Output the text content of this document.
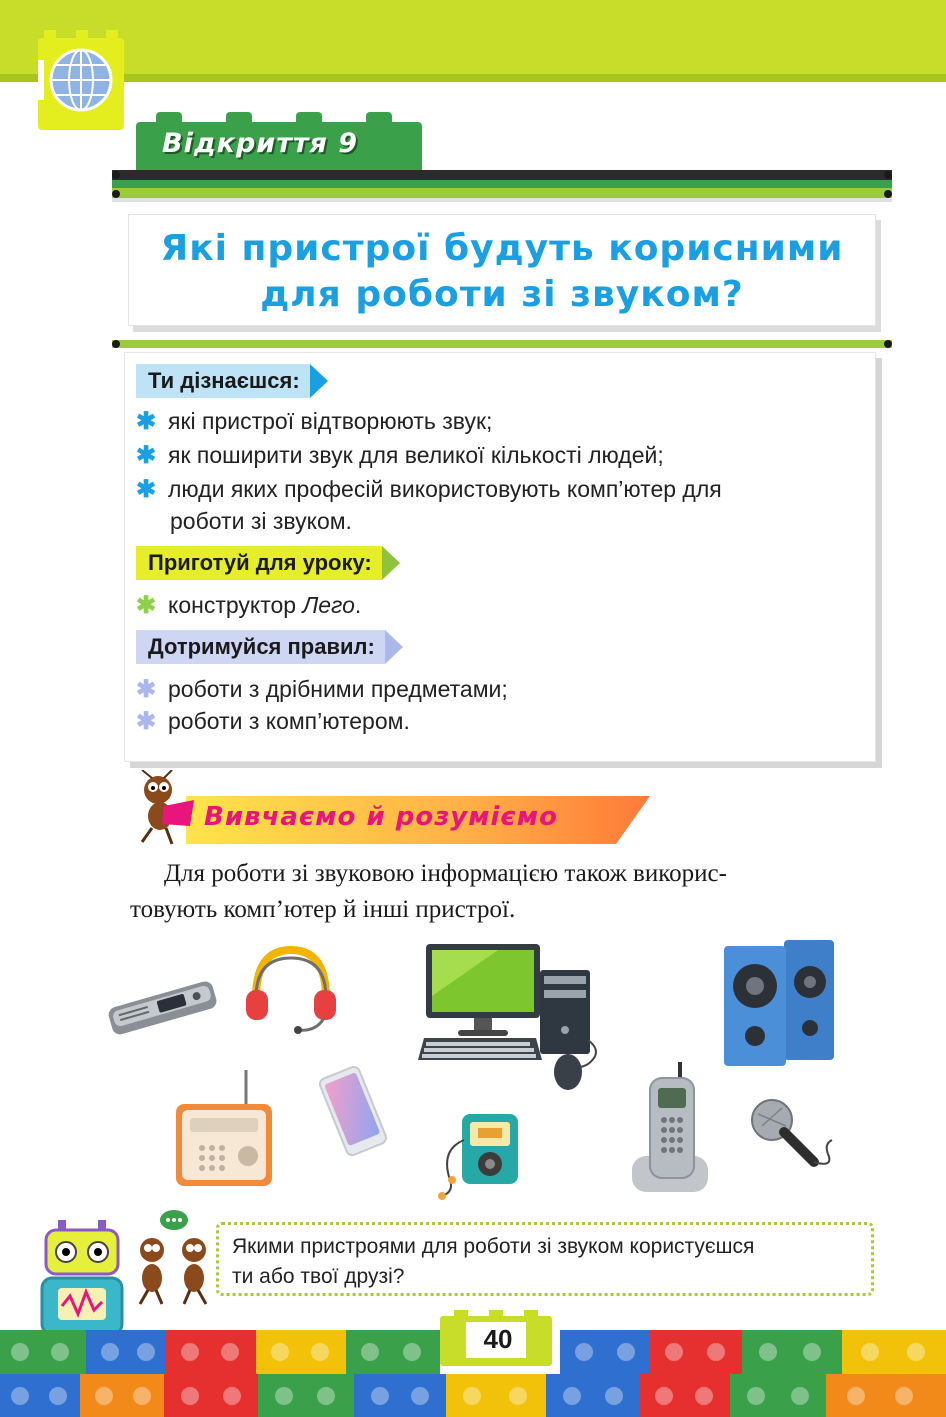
Відкриття 9
Які пристрої будуть корисними
для роботи зі звуком?
Ти дізнаєшся:
✱ які пристрої відтворюють звук;
✱ як поширити звук для великої кількості людей;
✱ люди яких професій використовують комп’ютер для
роботи зі звуком.
Приготуй для уроку:
✱ конструктор Лего.
Дотримуйся правил:
✱ роботи з дрібними предметами;
✱ роботи з комп’ютером.
Вивчаємо й розуміємо
Для роботи зі звуковою інформацією також викорис-
товують комп’ютер й інші пристрої.
Якими пристроями для роботи зі звуком користуєшся
ти або твої друзі?
40
